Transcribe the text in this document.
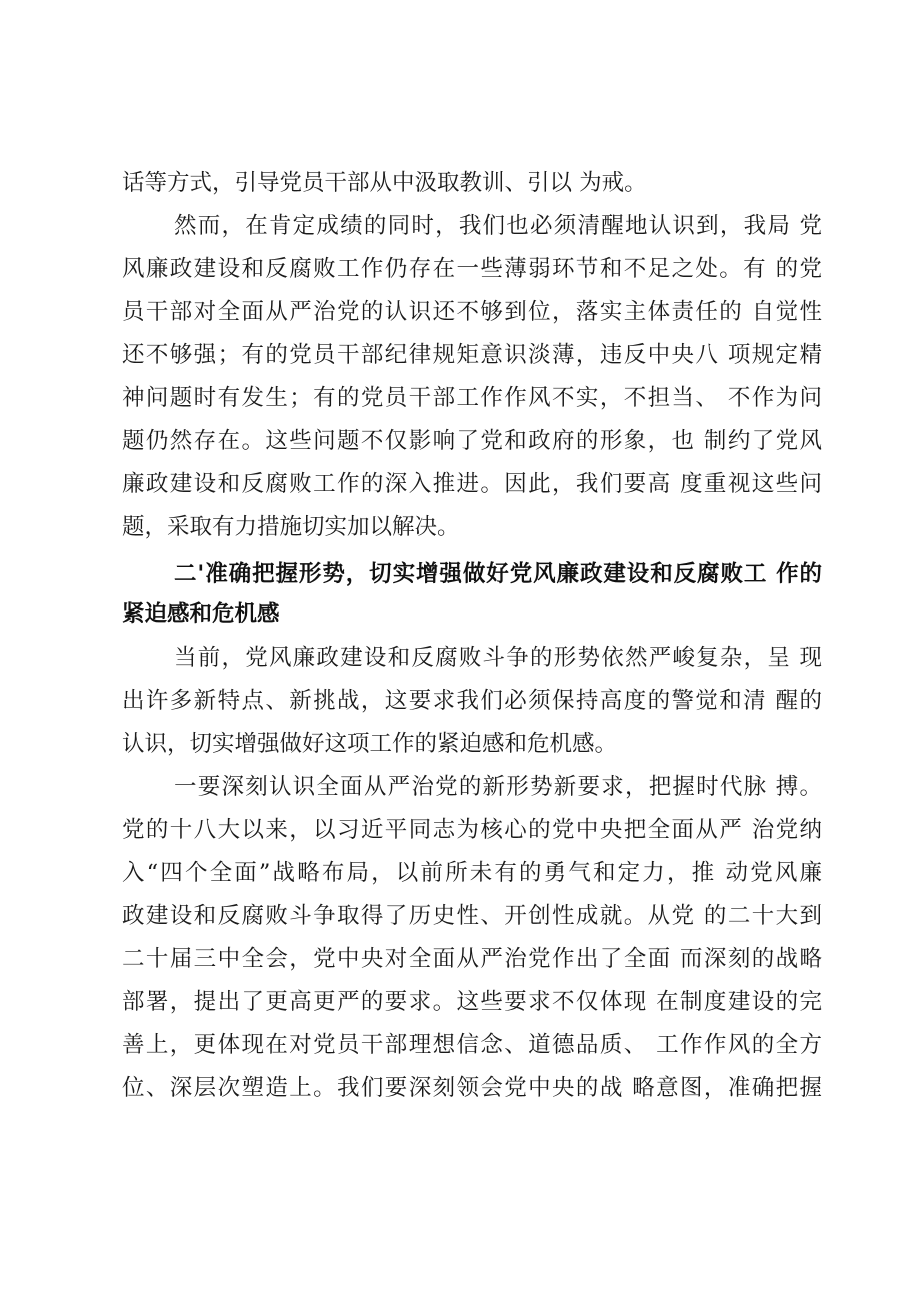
话等方式，引导党员干部从中汲取教训、引以 为戒。
然而，在肯定成绩的同时，我们也必须清醒地认识到，我局 党
风廉政建设和反腐败工作仍存在一些薄弱环节和不足之处。有 的党
员干部对全面从严治党的认识还不够到位，落实主体责任的 自觉性
还不够强；有的党员干部纪律规矩意识淡薄，违反中央八 项规定精
神问题时有发生；有的党员干部工作作风不实，不担当、 不作为问
题仍然存在。这些问题不仅影响了党和政府的形象，也 制约了党风
廉政建设和反腐败工作的深入推进。因此，我们要高 度重视这些问
题，采取有力措施切实加以解决。
二'准确把握形势，切实增强做好党风廉政建设和反腐败工 作的
紧迫感和危机感
当前，党风廉政建设和反腐败斗争的形势依然严峻复杂，呈 现
出许多新特点、新挑战，这要求我们必须保持高度的警觉和清 醒的
认识，切实增强做好这项工作的紧迫感和危机感。
一要深刻认识全面从严治党的新形势新要求，把握时代脉 搏。
党的十八大以来，以习近平同志为核心的党中央把全面从严 治党纳
入“四个全面”战略布局，以前所未有的勇气和定力，推 动党风廉
政建设和反腐败斗争取得了历史性、开创性成就。从党 的二十大到
二十届三中全会，党中央对全面从严治党作出了全面 而深刻的战略
部署，提出了更高更严的要求。这些要求不仅体现 在制度建设的完
善上，更体现在对党员干部理想信念、道德品质、 工作作风的全方
位、深层次塑造上。我们要深刻领会党中央的战 略意图，准确把握
